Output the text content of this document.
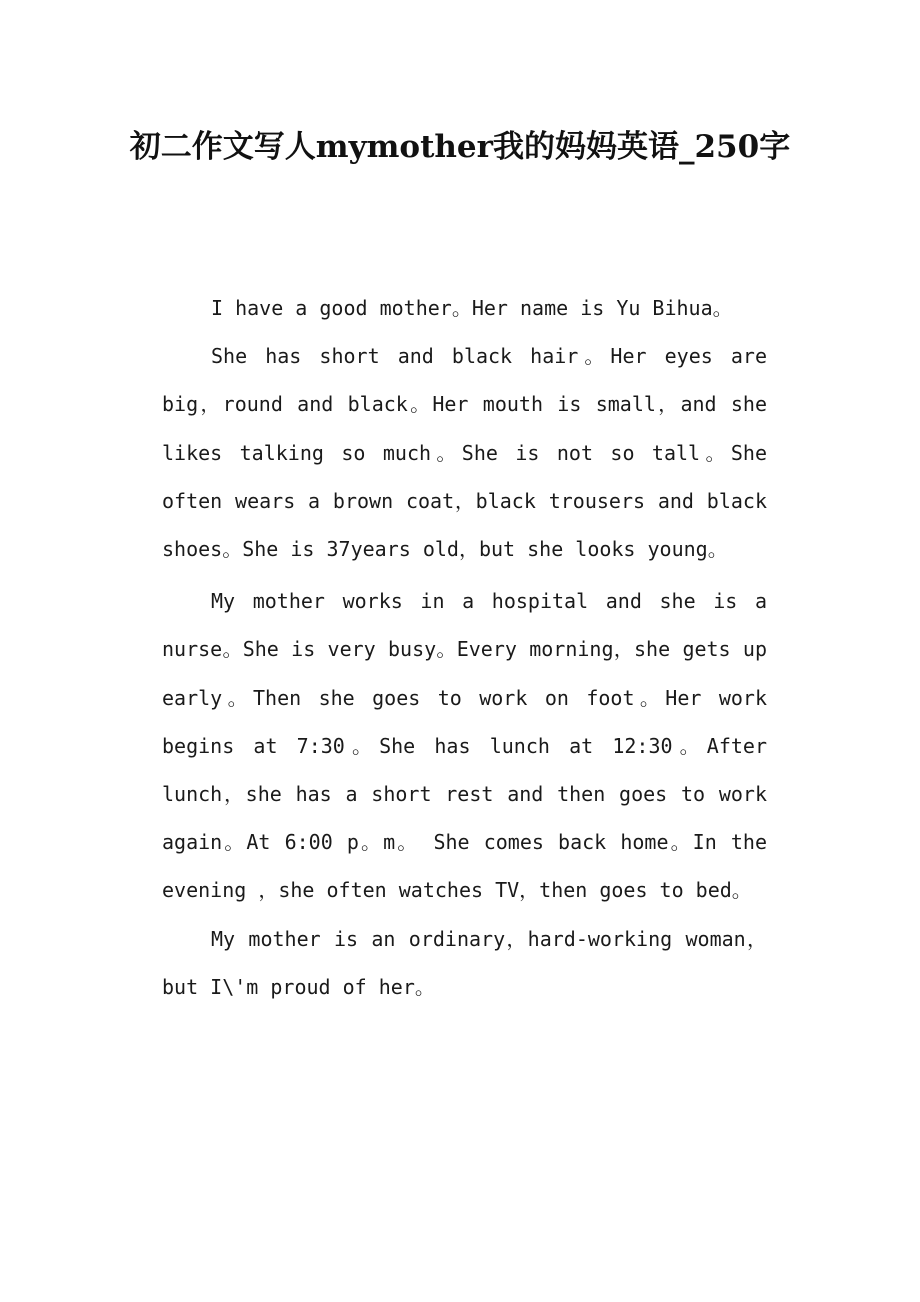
初二作文写人mymother我的妈妈英语_250字

I have a good mother。Her name is Yu Bihua。

She has short and black hair。Her eyes are big，round and black。Her mouth is small，and she likes talking so much。She is not so tall。She often wears a brown coat，black trousers and black shoes。She is 37years old，but she looks young。

My mother works in a hospital and she is a nurse。She is very busy。Every morning，she gets up early。Then she goes to work on foot。Her work begins at 7:30。She has lunch at 12:30。After lunch，she has a short rest and then goes to work again。At 6:00 p。m。 She comes back home。In the evening ，she often watches TV，then goes to bed。

My mother is an ordinary，hard-working woman，but I\'m proud of her。
